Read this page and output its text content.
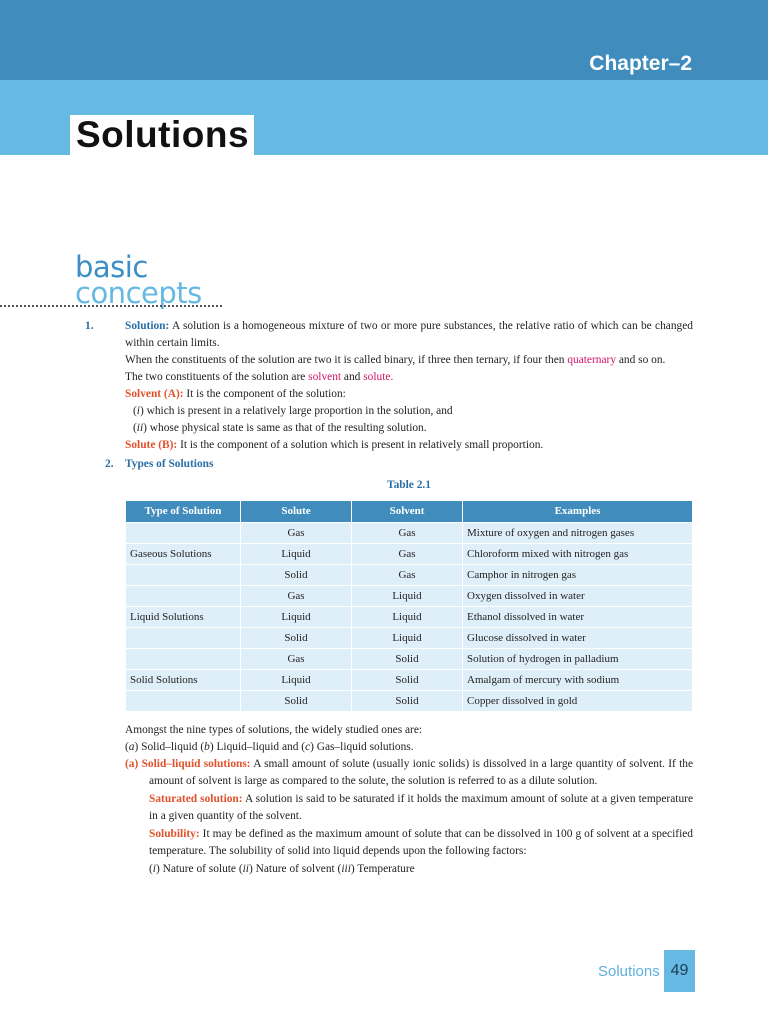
Chapter–2
Solutions
basic
concepts

1.	Solution: A solution is a homogeneous mixture of two or more pure substances, the relative ratio of which can be changed within certain limits.

When the constituents of the solution are two it is called binary, if three then ternary, if four then quaternary and so on.

The two constituents of the solution are solvent and solute.

Solvent (A): It is the component of the solution:

(i) which is present in a relatively large proportion in the solution, and

(ii) whose physical state is same as that of the resulting solution.

Solute (B): It is the component of a solution which is present in relatively small proportion.

2. Types of Solutions

Table 2.1
Type of Solution	Solute	Solvent	Examples
	Gas	Gas	Mixture of oxygen and nitrogen gases
Gaseous Solutions	Liquid	Gas	Chloroform mixed with nitrogen gas
	Solid	Gas	Camphor in nitrogen gas
	Gas	Liquid	Oxygen dissolved in water
Liquid Solutions	Liquid	Liquid	Ethanol dissolved in water
	Solid	Liquid	Glucose dissolved in water
	Gas	Solid	Solution of hydrogen in palladium
Solid Solutions	Liquid	Solid	Amalgam of mercury with sodium
	Solid	Solid	Copper dissolved in gold

Amongst the nine types of solutions, the widely studied ones are:

(a) Solid–liquid (b) Liquid–liquid and (c) Gas–liquid solutions.

(a) Solid–liquid solutions: A small amount of solute (usually ionic solids) is dissolved in a large quantity of solvent. If the amount of solvent is large as compared to the solute, the solution is referred to as a dilute solution.

Saturated solution: A solution is said to be saturated if it holds the maximum amount of solute at a given temperature in a given quantity of the solvent.

Solubility: It may be defined as the maximum amount of solute that can be dissolved in 100 g of solvent at a specified temperature. The solubility of solid into liquid depends upon the following factors:

(i) Nature of solute (ii) Nature of solvent (iii) Temperature

Solutions 49
